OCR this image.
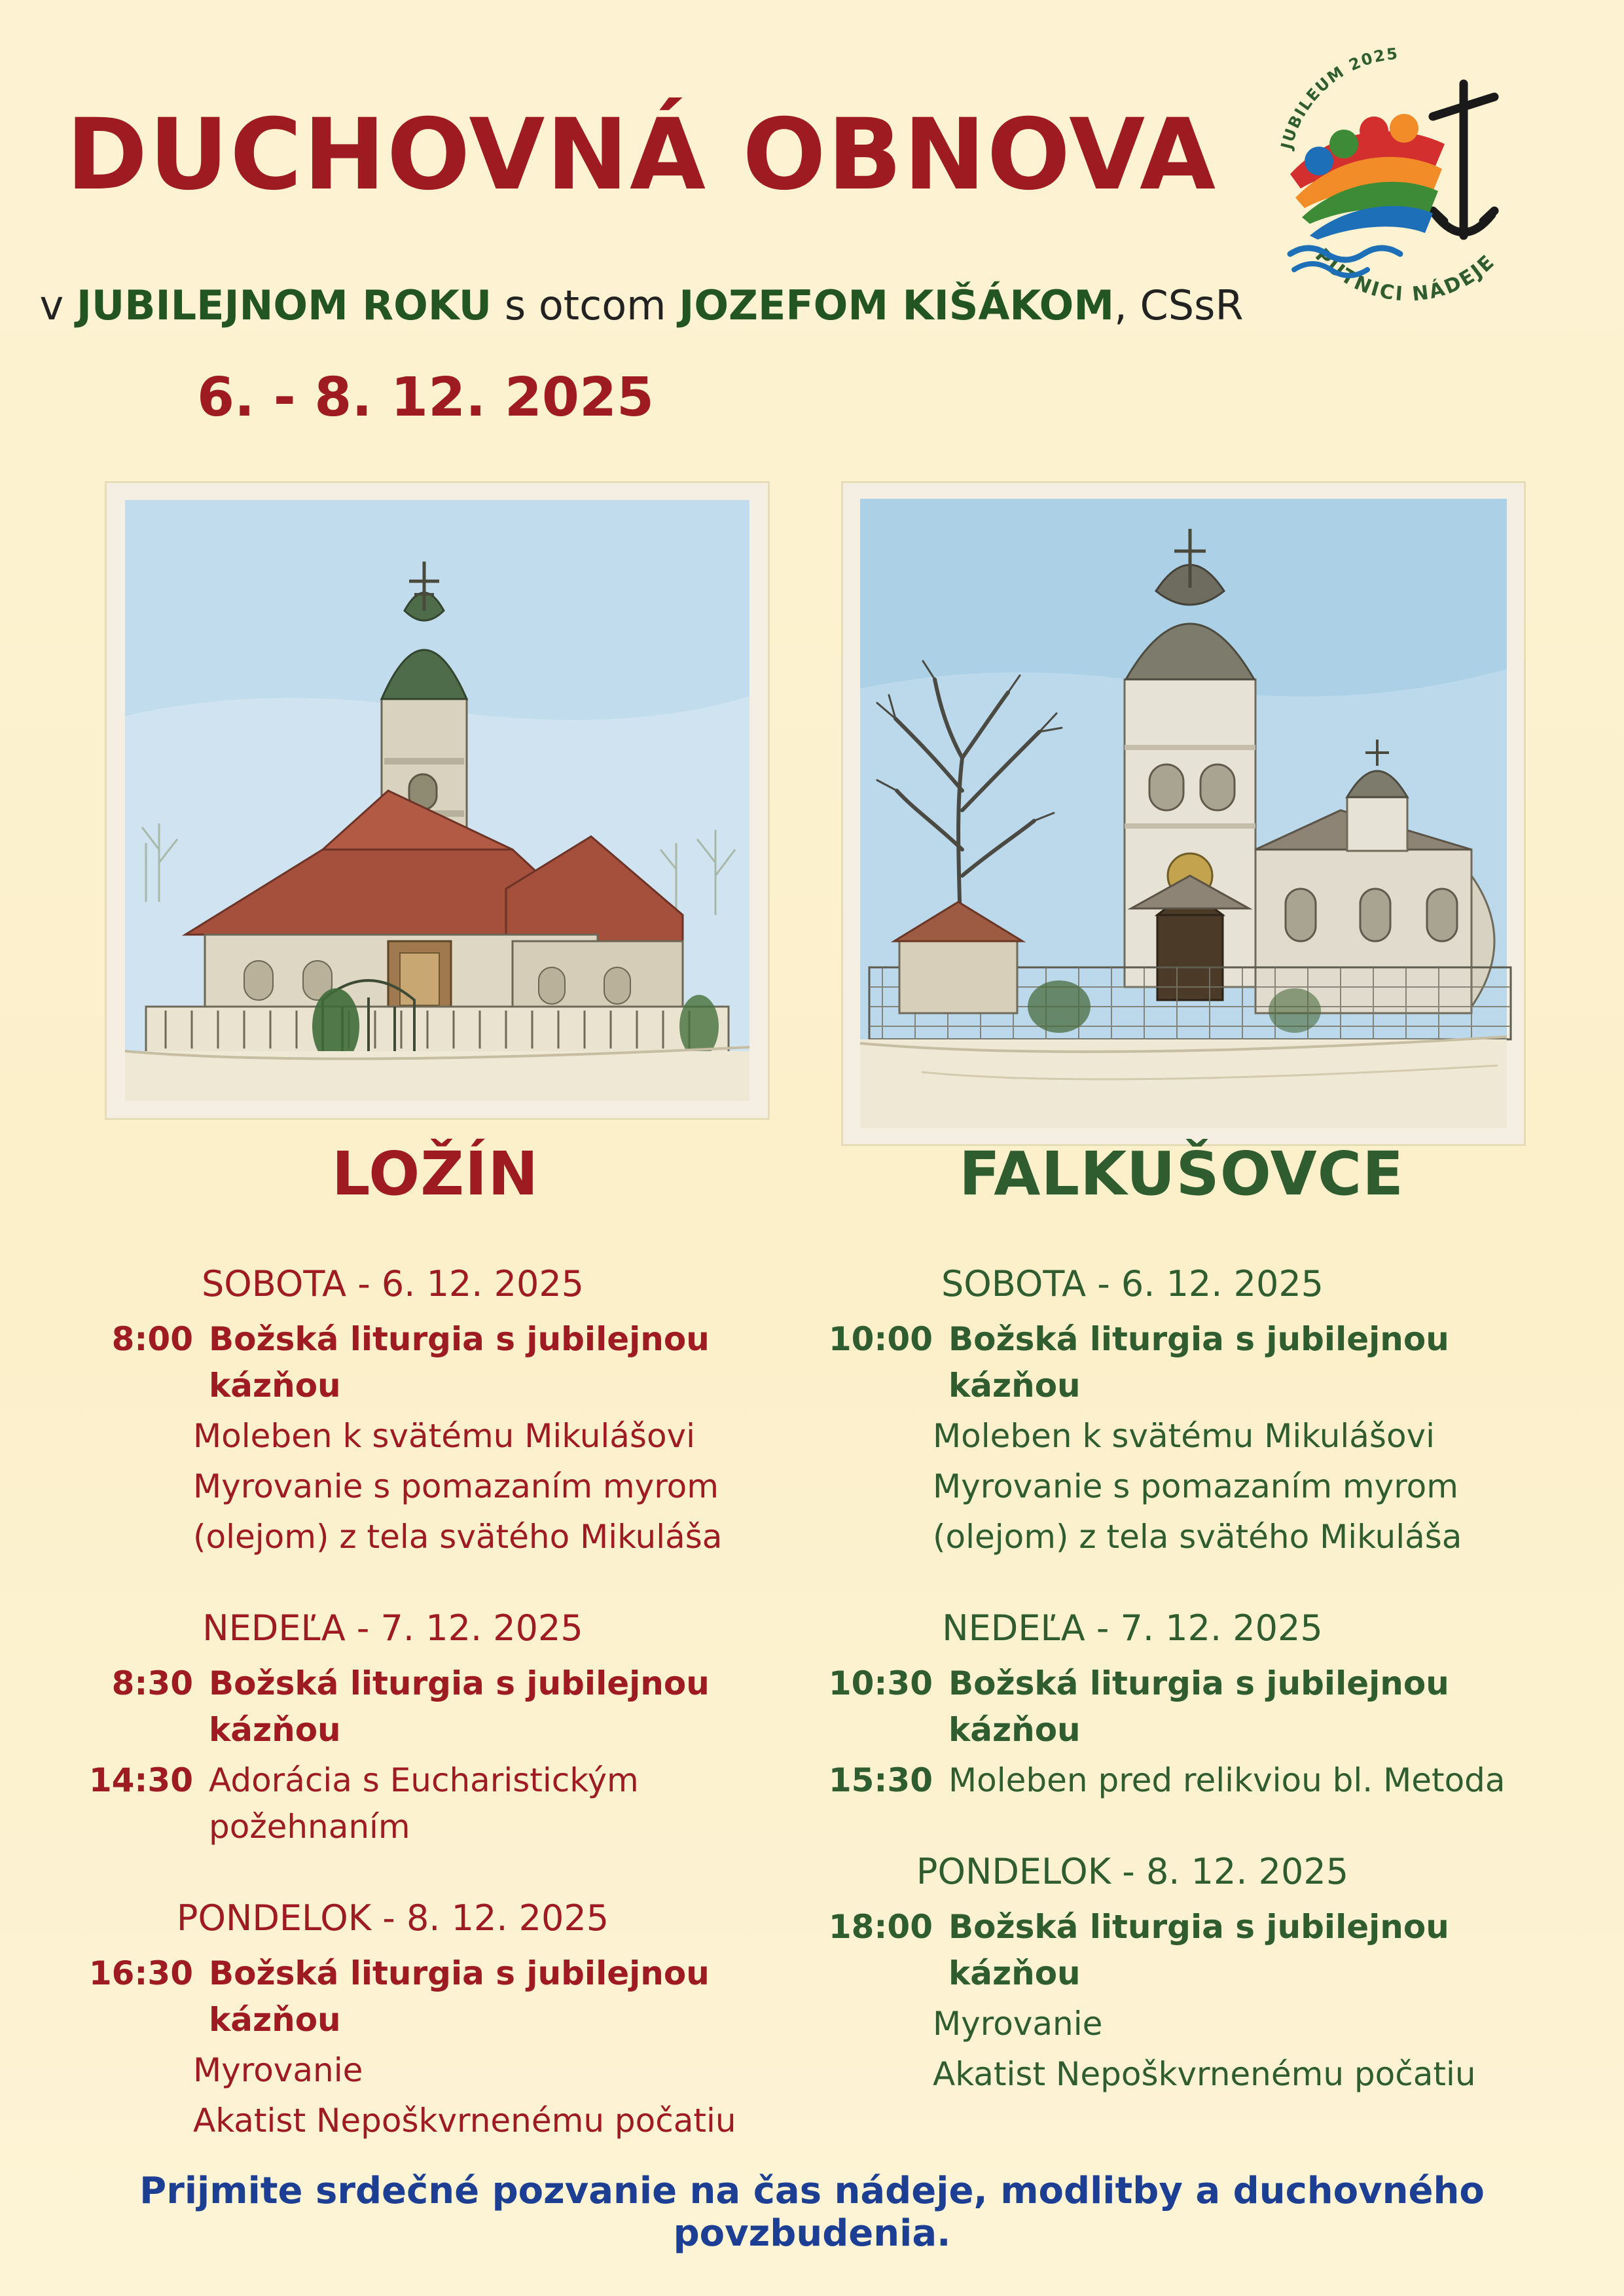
DUCHOVNÁ OBNOVA
v JUBILEJNOM ROKU s otcom JOZEFOM KIŠÁKOM, CSsR
6. - 8. 12. 2025
JUBILEUM 2025
PÚTNICI NÁDEJE
LOŽÍN	FALKUŠOVCE
SOBOTA - 6. 12. 2025
8:00 Božská liturgia s jubilejnou kázňou
Moleben k svätému Mikulášovi
Myrovanie s pomazaním myrom
(olejom) z tela svätého Mikuláša
NEDEĽA - 7. 12. 2025
8:30 Božská liturgia s jubilejnou kázňou
14:30 Adorácia s Eucharistickým požehnaním
PONDELOK - 8. 12. 2025
16:30 Božská liturgia s jubilejnou kázňou
Myrovanie
Akatist Nepoškvrnenému počatiu
SOBOTA - 6. 12. 2025
10:00 Božská liturgia s jubilejnou kázňou
Moleben k svätému Mikulášovi
Myrovanie s pomazaním myrom
(olejom) z tela svätého Mikuláša
NEDEĽA - 7. 12. 2025
10:30 Božská liturgia s jubilejnou kázňou
15:30 Moleben pred relikviou bl. Metoda
PONDELOK - 8. 12. 2025
18:00 Božská liturgia s jubilejnou kázňou
Myrovanie
Akatist Nepoškvrnenému počatiu
Prijmite srdečné pozvanie na čas nádeje, modlitby a duchovného povzbudenia.
